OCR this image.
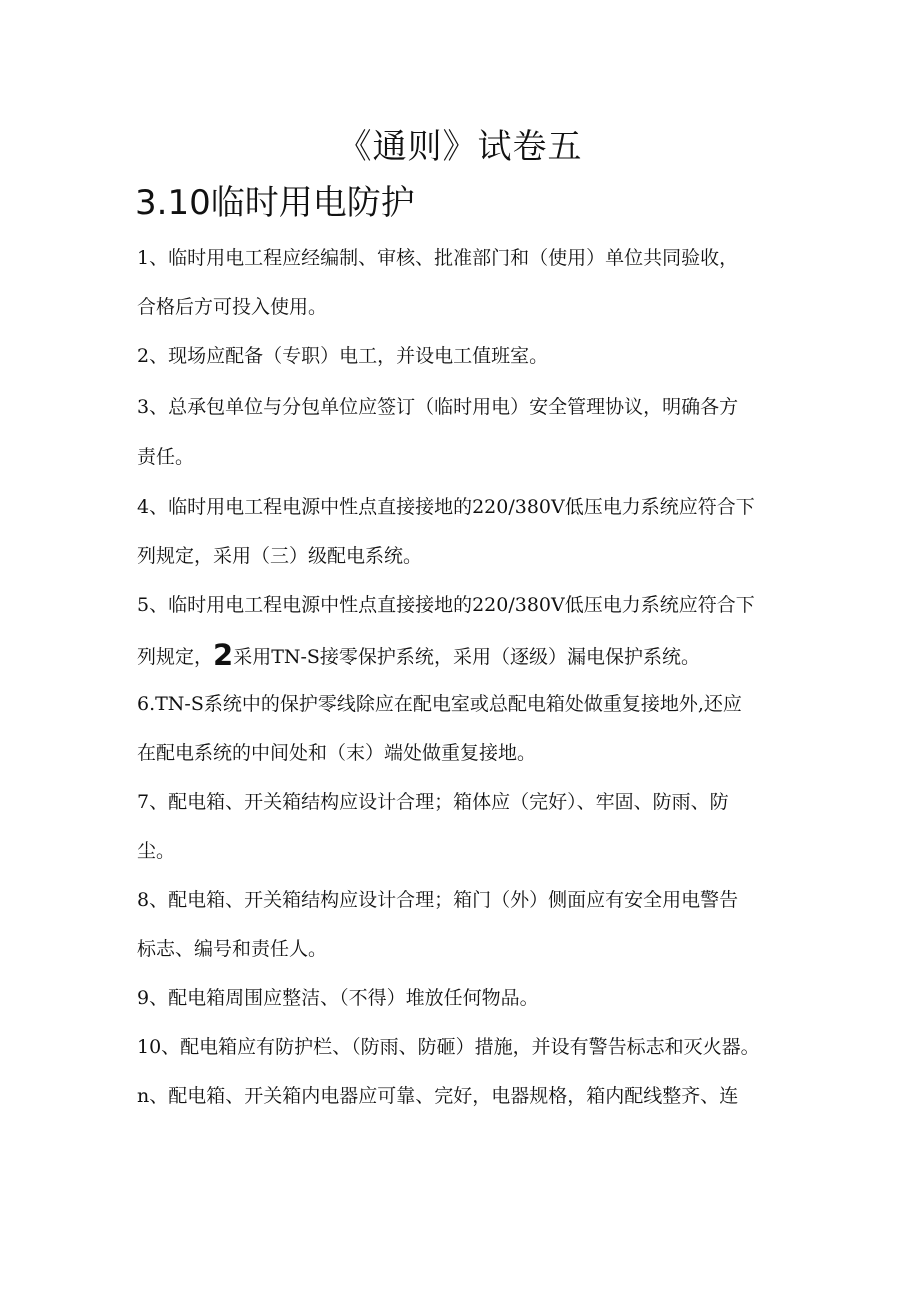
《通则》试卷五
3.10临时用电防护

1、临时用电工程应经编制、审核、批准部门和（使用）单位共同验收，

合格后方可投入使用。

2、现场应配备（专职）电工，并设电工值班室。

3、总承包单位与分包单位应签订（临时用电）安全管理协议，明确各方

责任。

4、临时用电工程电源中性点直接接地的220/380V低压电力系统应符合下

列规定，采用（三）级配电系统。

5、临时用电工程电源中性点直接接地的220/380V低压电力系统应符合下

列规定，2采用TN-S接零保护系统，采用（逐级）漏电保护系统。

6.TN-S系统中的保护零线除应在配电室或总配电箱处做重复接地外,还应

在配电系统的中间处和（末）端处做重复接地。

7、配电箱、开关箱结构应设计合理；箱体应（完好）、牢固、防雨、防

尘。

8、配电箱、开关箱结构应设计合理；箱门（外）侧面应有安全用电警告

标志、编号和责任人。

9、配电箱周围应整洁、（不得）堆放任何物品。

10、配电箱应有防护栏、（防雨、防砸）措施，并设有警告标志和灭火器。

n、配电箱、开关箱内电器应可靠、完好，电器规格，箱内配线整齐、连
